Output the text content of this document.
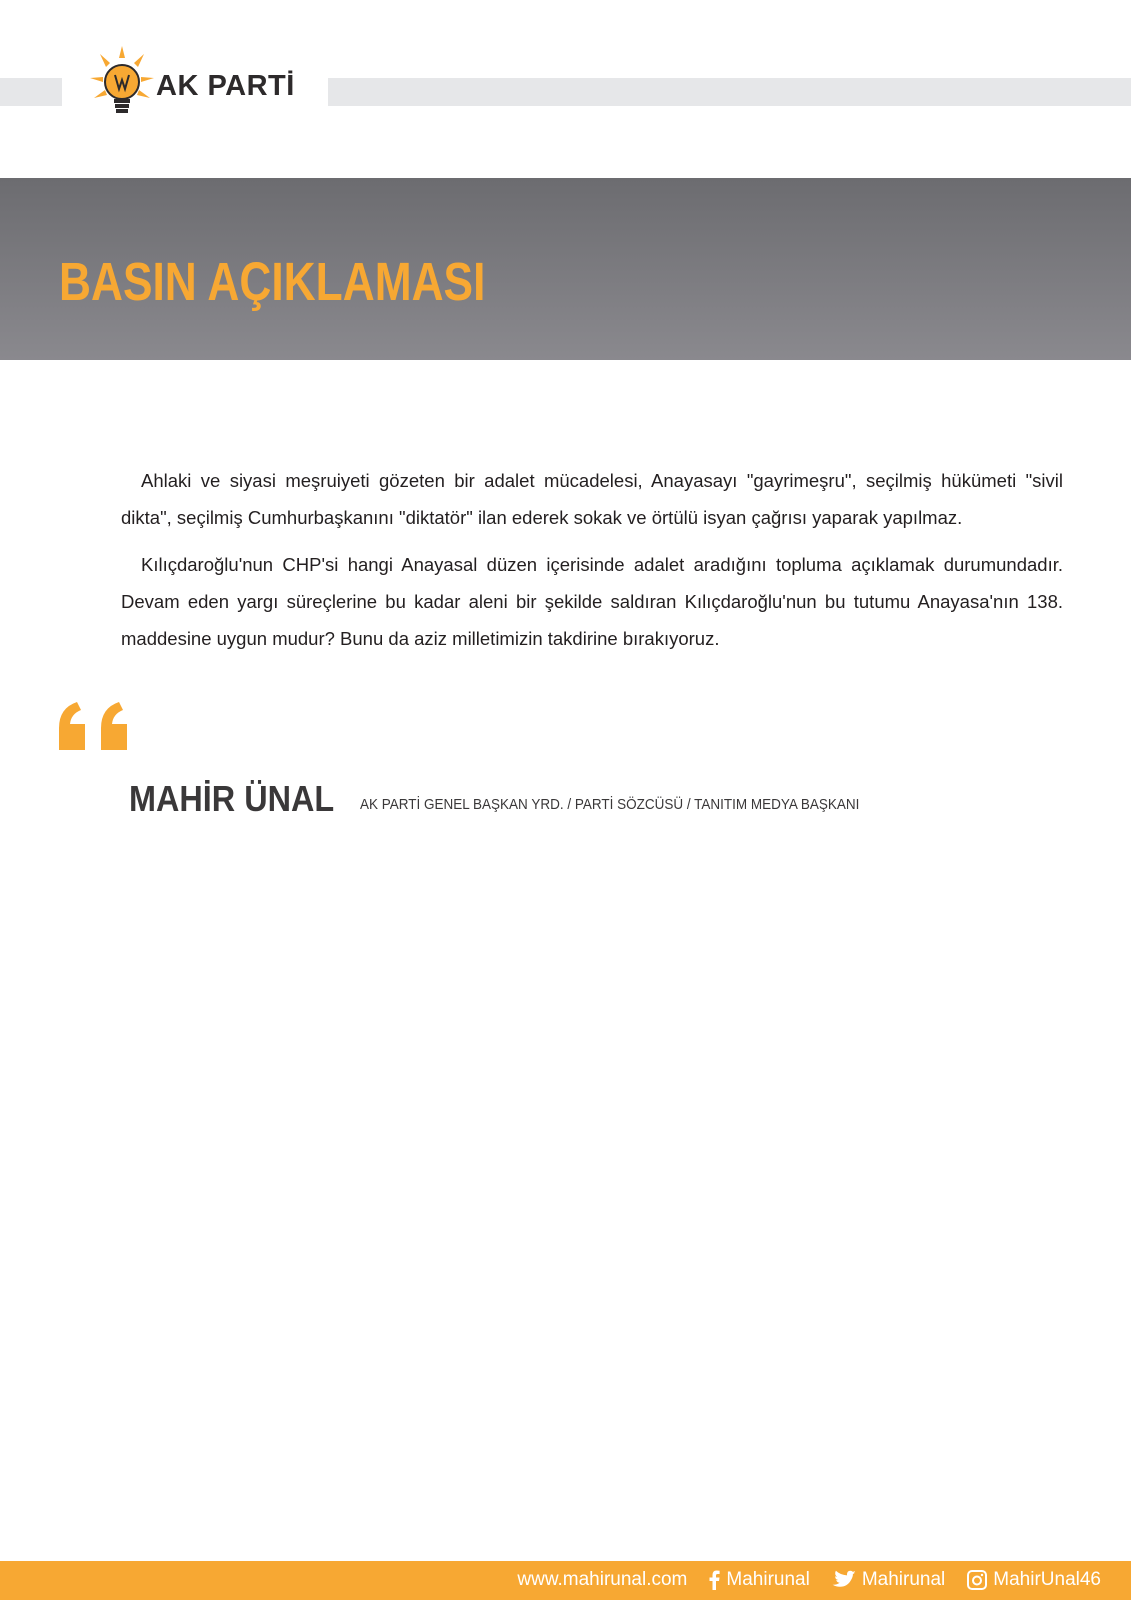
AK PARTİ
BASIN AÇIKLAMASI

Ahlaki ve siyasi meşruiyeti gözeten bir adalet mücadelesi, Anayasayı "gayrimeşru", seçilmiş hükümeti "sivil dikta", seçilmiş Cumhurbaşkanını "diktatör" ilan ederek sokak ve örtülü isyan çağrısı yaparak yapılmaz.

Kılıçdaroğlu'nun CHP'si hangi Anayasal düzen içerisinde adalet aradığını topluma açıklamak durumundadır. Devam eden yargı süreçlerine bu kadar aleni bir şekilde saldıran Kılıçdaroğlu'nun bu tutumu Anayasa'nın 138. maddesine uygun mudur? Bunu da aziz milletimizin takdirine bırakıyoruz.

MAHİR ÜNAL AK PARTİ GENEL BAŞKAN YRD. / PARTİ SÖZCÜSÜ / TANITIM MEDYA BAŞKANI
www.mahirunal.com Mahirunal	Mahirunal	MahirUnal46
